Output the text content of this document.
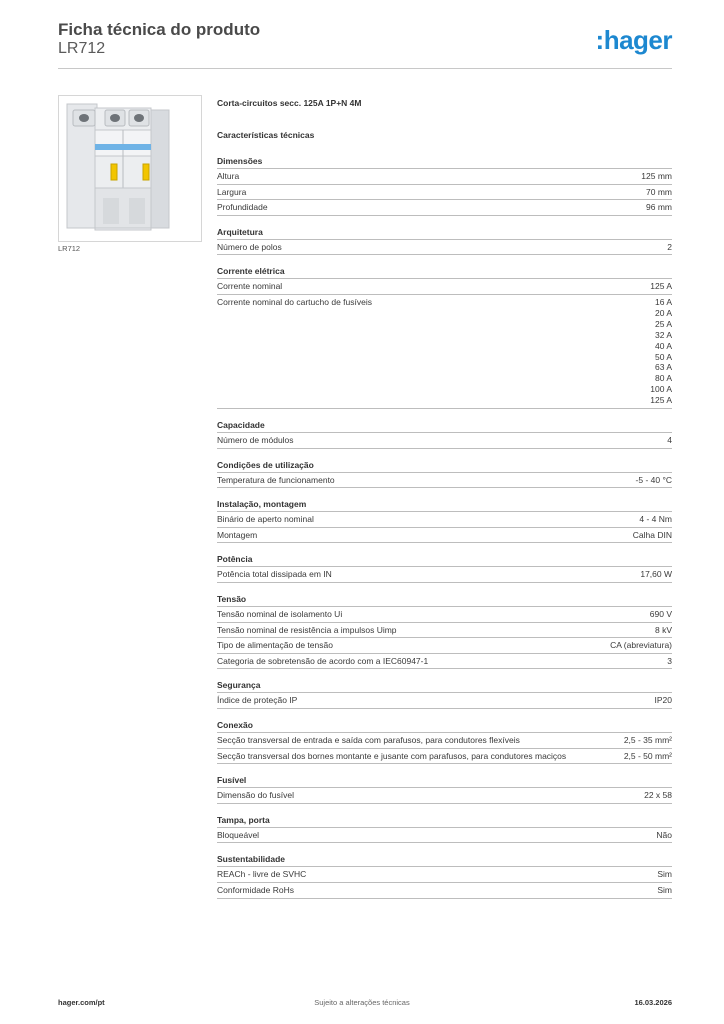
Ficha técnica do produto
LR712	:hager
LR712
Corta-circuitos secc. 125A 1P+N 4M
Características técnicas
Dimensões
Altura	125 mm
Largura	70 mm
Profundidade	96 mm
Arquitetura
Número de polos	2
Corrente elétrica
Corrente nominal	125 A
Corrente nominal do cartucho de fusíveis	16 A
20 A
25 A
32 A
40 A
50 A
63 A
80 A
100 A
125 A
Capacidade
Número de módulos	4
Condições de utilização
Temperatura de funcionamento	-5 - 40 °C
Instalação, montagem
Binário de aperto nominal	4 - 4 Nm
Montagem	Calha DIN
Potência
Potência total dissipada em IN	17,60 W
Tensão
Tensão nominal de isolamento Ui	690 V
Tensão nominal de resistência a impulsos Uimp	8 kV
Tipo de alimentação de tensão	CA (abreviatura)
Categoria de sobretensão de acordo com a IEC60947-1	3
Segurança
Índice de proteção IP	IP20
Conexão
Secção transversal de entrada e saída com parafusos, para condutores flexíveis	2,5 - 35 mm²
Secção transversal dos bornes montante e jusante com parafusos, para condutores maciços	2,5 - 50 mm²
Fusível
Dimensão do fusível	22 x 58
Tampa, porta
Bloqueável	Não
Sustentabilidade
REACh - livre de SVHC	Sim
Conformidade RoHs	Sim
hager.com/pt	Sujeito a alterações técnicas	16.03.2026
